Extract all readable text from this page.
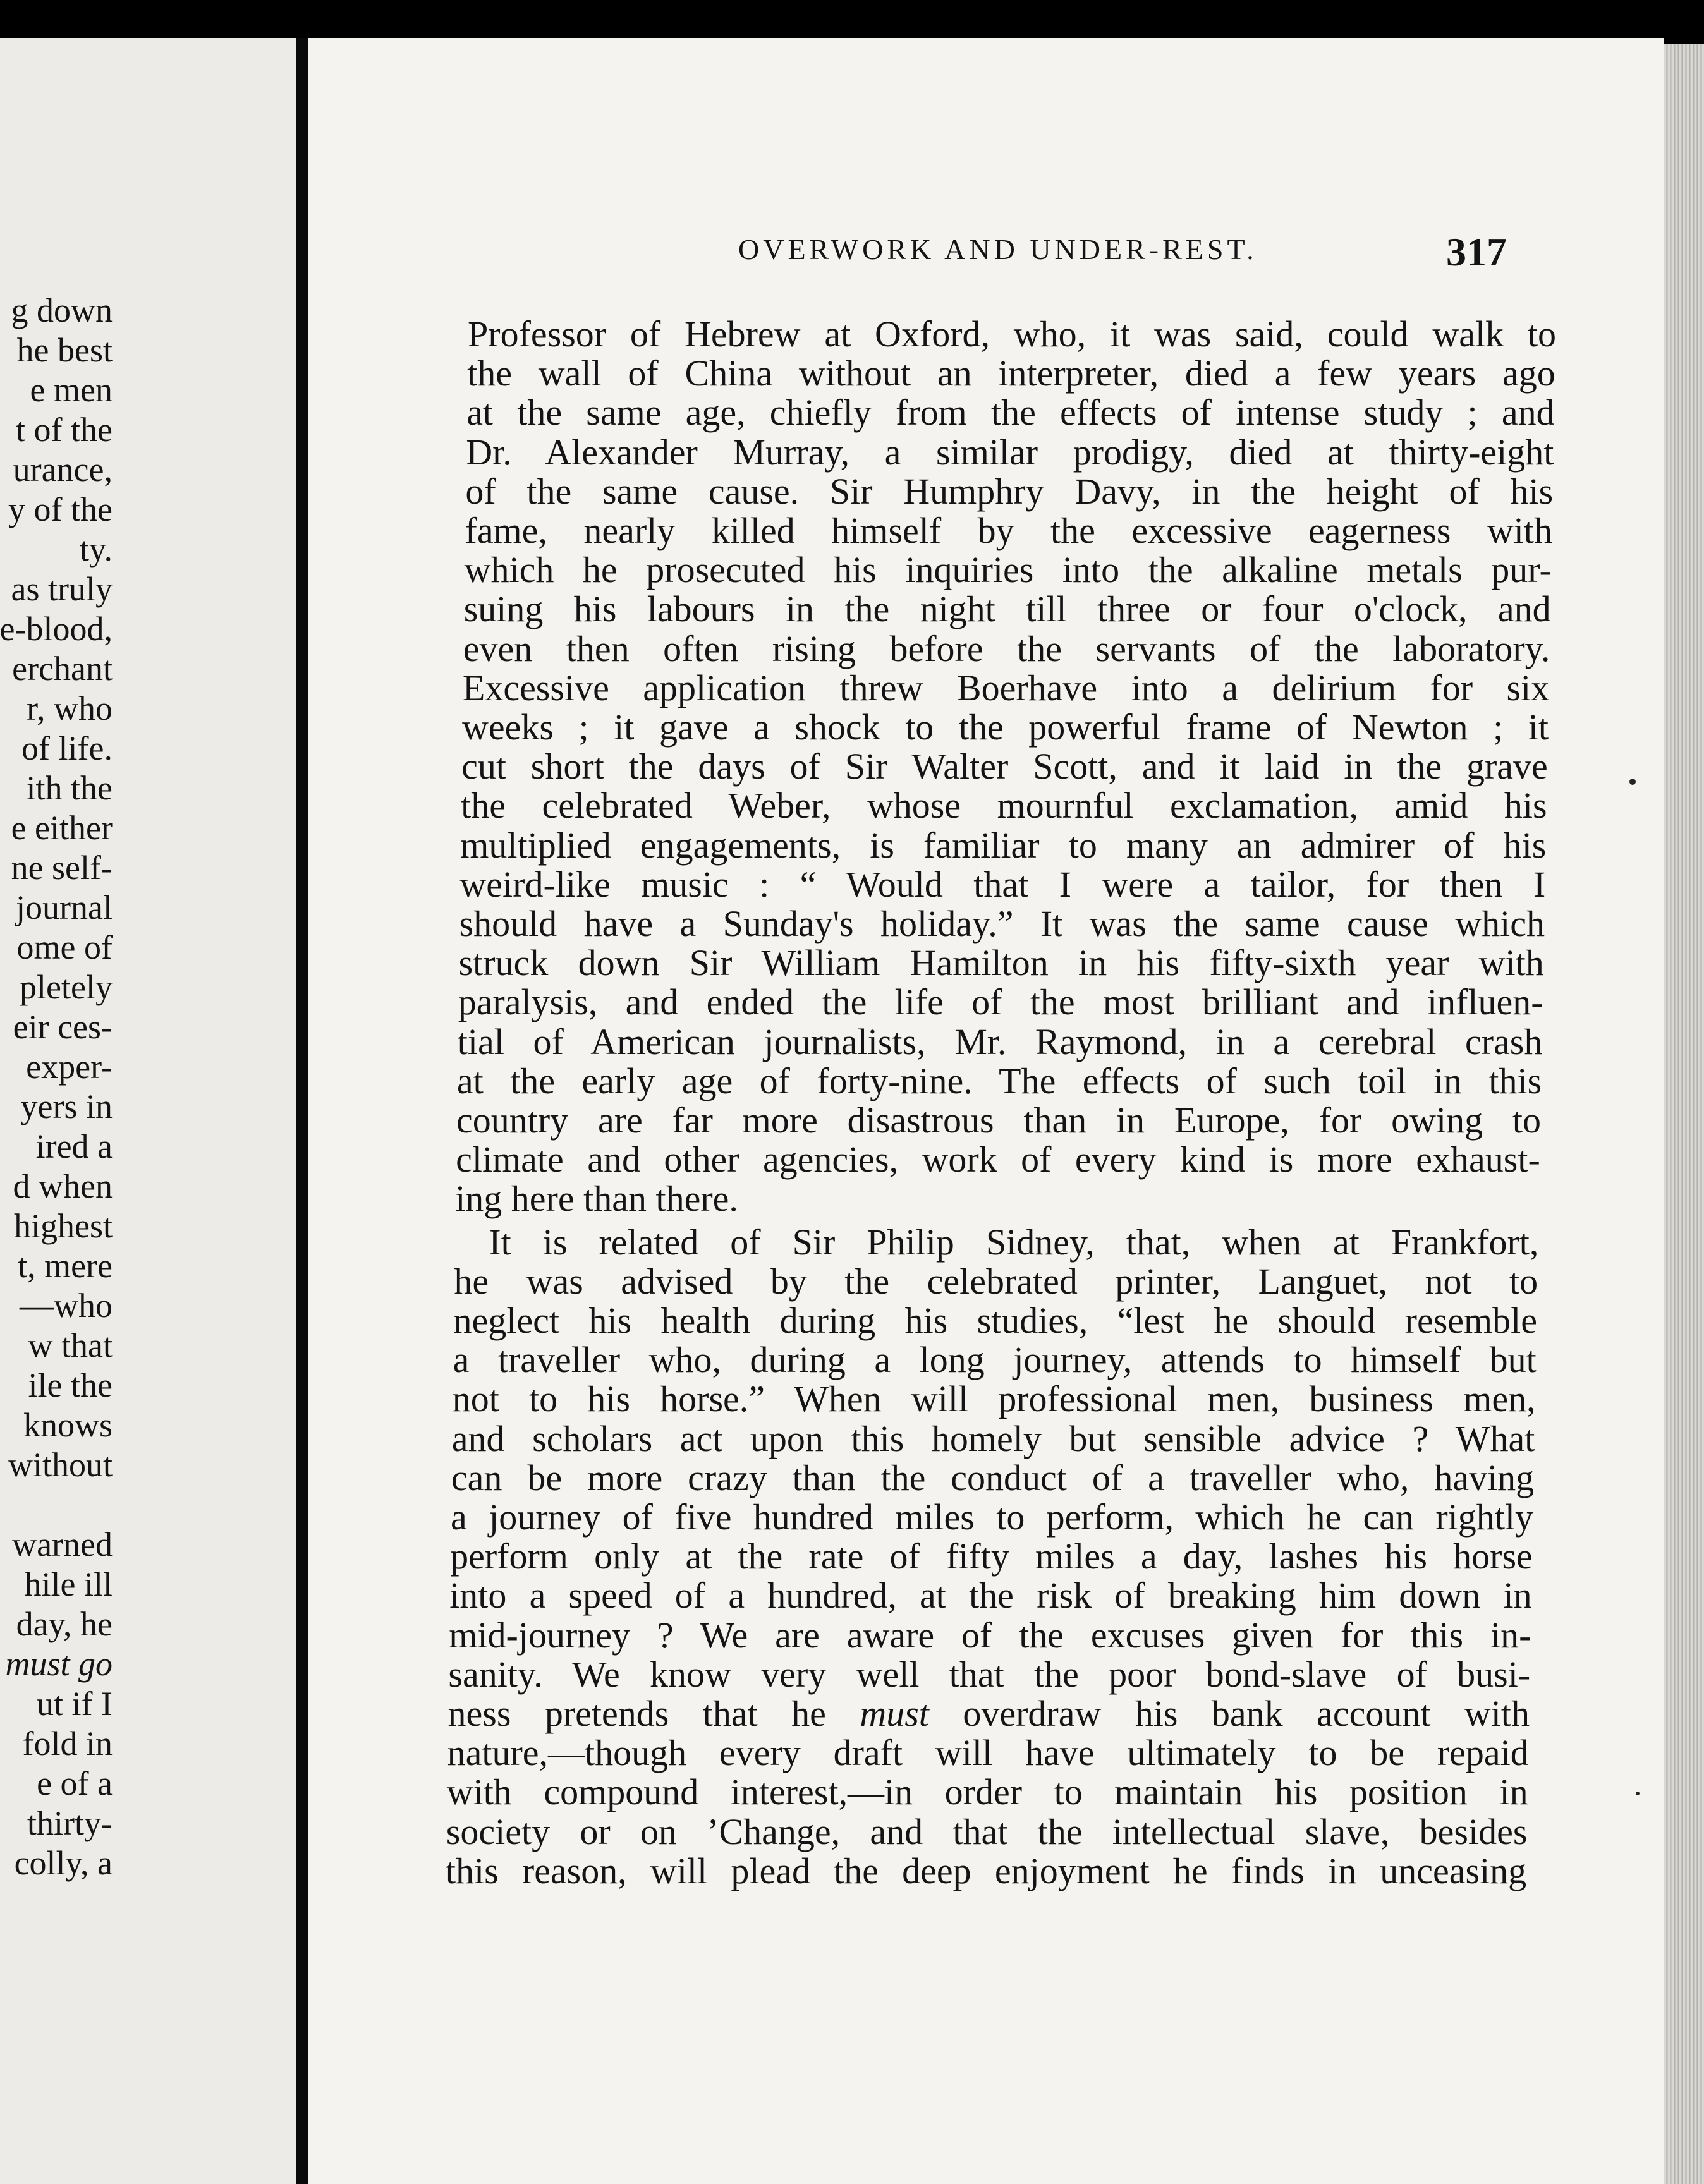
g down
he best
e men
t of the
urance,
y of the
ty.
as truly
e-blood,
erchant
r, who
of life.
ith the
e either
ne self-
journal
ome of
pletely
eir ces-
exper-
yers in
ired a
d when
highest
t, mere
—who
w that
ile the
knows
without
warned
hile ill
day, he
must go
ut if I
fold in
e of a
thirty-
colly, a
OVERWORK AND UNDER-REST.	317
Professor of Hebrew at Oxford, who, it was said, could walk to
the wall of China without an interpreter, died a few years ago
at the same age, chiefly from the effects of intense study ; and
Dr. Alexander Murray, a similar prodigy, died at thirty-eight
of the same cause. Sir Humphry Davy, in the height of his
fame, nearly killed himself by the excessive eagerness with
which he prosecuted his inquiries into the alkaline metals pur-
suing his labours in the night till three or four o'clock, and
even then often rising before the servants of the laboratory.
Excessive application threw Boerhave into a delirium for six
weeks ; it gave a shock to the powerful frame of Newton ; it
cut short the days of Sir Walter Scott, and it laid in the grave
the celebrated Weber, whose mournful exclamation, amid his
multiplied engagements, is familiar to many an admirer of his
weird-like music : “ Would that I were a tailor, for then I
should have a Sunday's holiday.” It was the same cause which
struck down Sir William Hamilton in his fifty-sixth year with
paralysis, and ended the life of the most brilliant and influen-
tial of American journalists, Mr. Raymond, in a cerebral crash
at the early age of forty-nine. The effects of such toil in this
country are far more disastrous than in Europe, for owing to
climate and other agencies, work of every kind is more exhaust-
ing here than there.
It is related of Sir Philip Sidney, that, when at Frankfort,
he was advised by the celebrated printer, Languet, not to
neglect his health during his studies, “lest he should resemble
a traveller who, during a long journey, attends to himself but
not to his horse.” When will professional men, business men,
and scholars act upon this homely but sensible advice ? What
can be more crazy than the conduct of a traveller who, having
a journey of five hundred miles to perform, which he can rightly
perform only at the rate of fifty miles a day, lashes his horse
into a speed of a hundred, at the risk of breaking him down in
mid-journey ? We are aware of the excuses given for this in-
sanity. We know very well that the poor bond-slave of busi-
ness pretends that he must overdraw his bank account with
nature,—though every draft will have ultimately to be repaid
with compound interest,—in order to maintain his position in
society or on ’Change, and that the intellectual slave, besides
this reason, will plead the deep enjoyment he finds in unceasing
